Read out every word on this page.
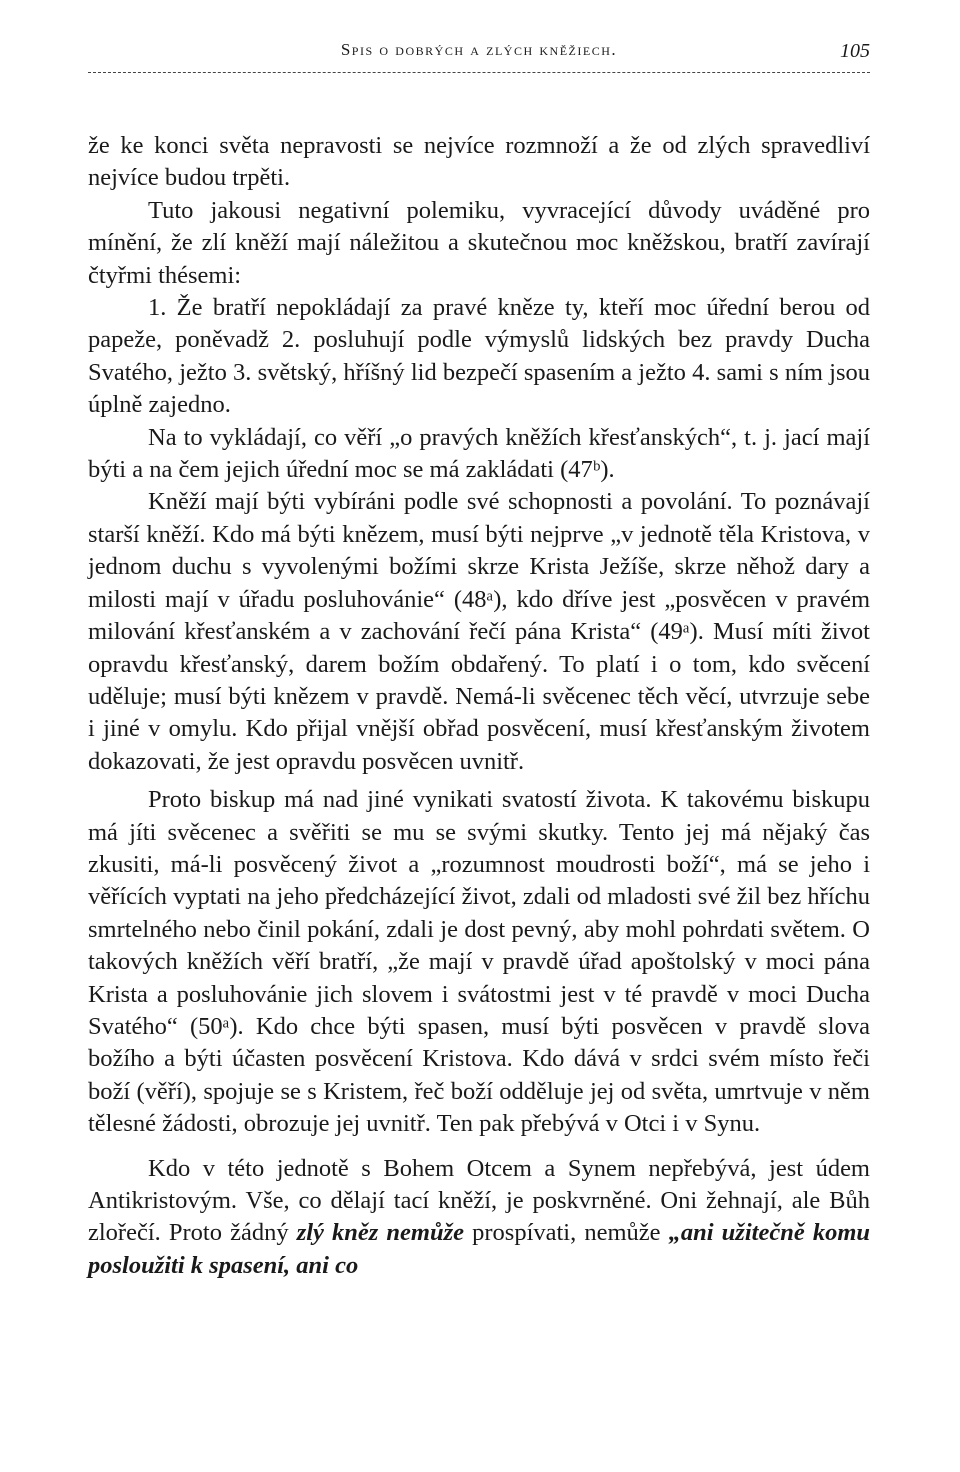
Spis o dobrých a zlých kněžiech.	105

že ke konci světa nepravosti se nejvíce rozmnoží a že od zlých spravedliví nejvíce budou trpěti.

Tuto jakousi negativní polemiku, vyvracející důvody uváděné pro mínění, že zlí kněží mají náležitou a skutečnou moc kněžskou, bratří zavírají čtyřmi thésemi:

1. Že bratří nepokládají za pravé kněze ty, kteří moc úřední berou od papeže, poněvadž 2. posluhují podle výmyslů lidských bez pravdy Ducha Svatého, ježto 3. světský, hříšný lid bezpečí spasením a ježto 4. sami s ním jsou úplně zajedno.

Na to vykládají, co věří „o pravých kněžích křesťanských“, t. j. jací mají býti a na čem jejich úřední moc se má zakládati (47ᵇ).

Kněží mají býti vybíráni podle své schopnosti a povolání. To poznávají starší kněží. Kdo má býti knězem, musí býti nejprve „v jednotě těla Kristova, v jednom duchu s vyvolenými božími skrze Krista Ježíše, skrze něhož dary a milosti mají v úřadu posluhovánie“ (48ᵃ), kdo dříve jest „posvěcen v pravém milování křesťanském a v zachování řečí pána Krista“ (49ᵃ). Musí míti život opravdu křesťanský, darem božím obdařený. To platí i o tom, kdo svěcení uděluje; musí býti knězem v pravdě. Nemá-li svěcenec těch věcí, utvrzuje sebe i jiné v omylu. Kdo přijal vnější obřad posvěcení, musí křesťanským životem dokazovati, že jest opravdu posvěcen uvnitř.

Proto biskup má nad jiné vynikati svatostí života. K takovému biskupu má jíti svěcenec a svěřiti se mu se svými skutky. Tento jej má nějaký čas zkusiti, má-li posvěcený život a „rozumnost moudrosti boží“, má se jeho i věřících vyptati na jeho předcházející život, zdali od mladosti své žil bez hříchu smrtelného nebo činil pokání, zdali je dost pevný, aby mohl pohrdati světem. O takových kněžích věří bratří, „že mají v pravdě úřad apoštolský v moci pána Krista a posluhovánie jich slovem i svátostmi jest v té pravdě v moci Ducha Svatého“ (50ᵃ). Kdo chce býti spasen, musí býti posvěcen v pravdě slova božího a býti účasten posvěcení Kristova. Kdo dává v srdci svém místo řeči boží (věří), spojuje se s Kristem, řeč boží odděluje jej od světa, umrtvuje v něm tělesné žádosti, obrozuje jej uvnitř. Ten pak přebývá v Otci i v Synu.

Kdo v této jednotě s Bohem Otcem a Synem nepřebývá, jest údem Antikristovým. Vše, co dělají tací kněží, je poskvrněné. Oni žehnají, ale Bůh zlořečí. Proto žádný zlý kněz nemůže prospívati, nemůže „ani užitečně komu posloužiti k spasení, ani co
